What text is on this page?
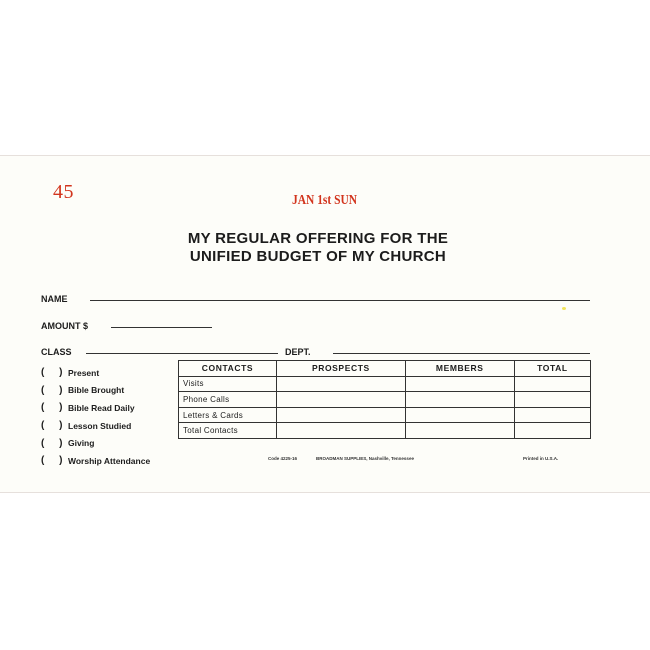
45	JAN 1st SUN
MY REGULAR OFFERING FOR THE
UNIFIED BUDGET OF MY CHURCH
NAME
AMOUNT $
CLASS	DEPT.
( ) Present
( ) Bible Brought
( ) Bible Read Daily
( ) Lesson Studied
( ) Giving
( ) Worship Attendance
CONTACTS	PROSPECTS	MEMBERS	TOTAL
Visits			
Phone Calls			
Letters & Cards			
Total Contacts			
Code 4225-16	BROADMAN SUPPLIES, Nashville, Tennessee	Printed in U.S.A.
